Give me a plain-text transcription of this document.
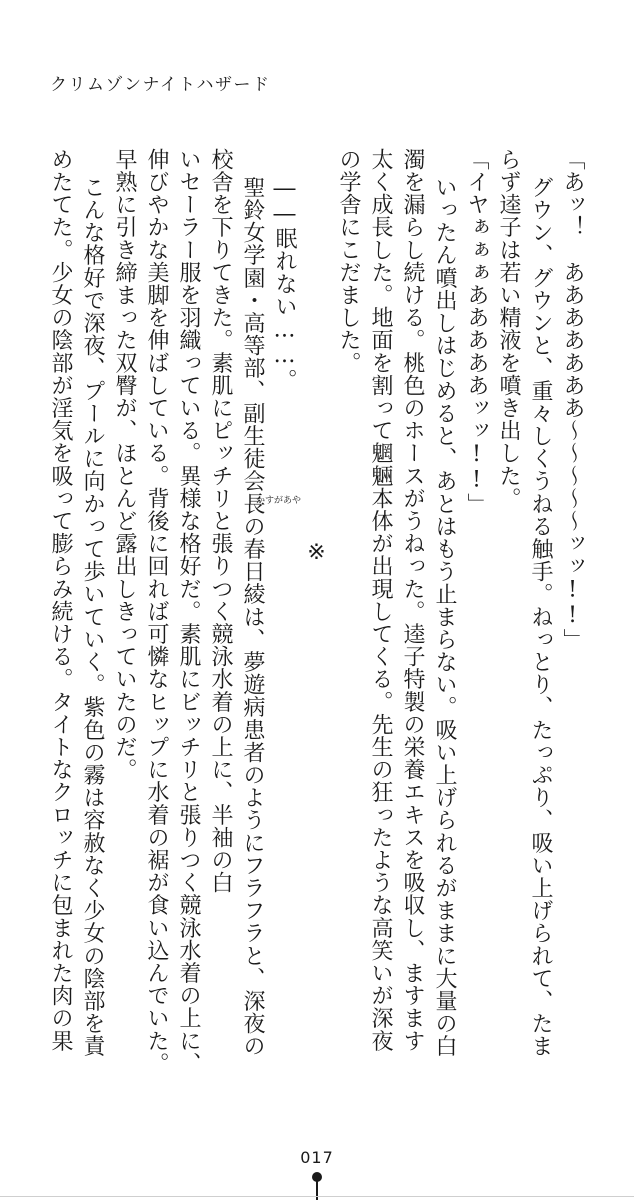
クリムゾンナイトハザード
「あッ！　あああああああ〜〜〜〜〜ッッ!!」
グウン、グウンと、重々しくうねる触手。ねっとり、たっぷり、吸い上げられて、たま
らず逵子は若い精液を噴き出した。
「イヤぁぁぁあああああッッ!!」
いったん噴出しはじめると、あとはもう止まらない。吸い上げられるがままに大量の白
濁を漏らし続ける。桃色のホースがうねった。逵子特製の栄養エキスを吸収し、ますます
太く成長した。地面を割って魍魎本体が出現してくる。先生の狂ったような高笑いが深夜
の学舎にこだました。
※
――眠れない……。
聖鈴女学園・高等部、副生徒会長の春日綾は、夢遊病患者のようにフラフラと、深夜の
校舎を下りてきた。素肌にピッチリと張りつく競泳水着の上に、半袖の白
いセーラー服を羽織っている。異様な格好だ。素肌にビッチリと張りつく競泳水着の上に、
伸びやかな美脚を伸ばしている。背後に回れば可憐なヒップに水着の裾が食い込んでいた。
早熟に引き締まった双臀が、ほとんど露出しきっていたのだ。
こんな格好で深夜、プールに向かって歩いていく。紫色の霧は容赦なく少女の陰部を責
めたてた。少女の陰部が淫気を吸って膨らみ続ける。タイトなクロッチに包まれた肉の果	かすがあや
017
